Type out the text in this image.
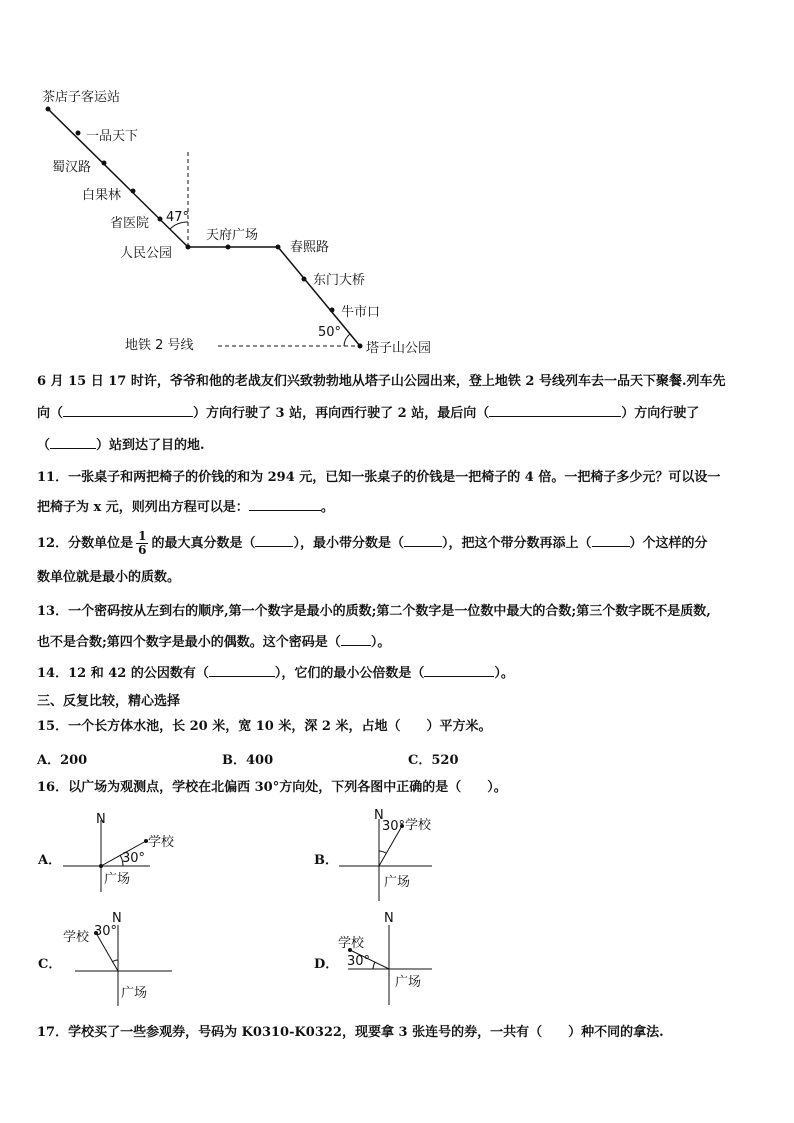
茶店子客运站
一品天下
蜀汉路
白果林
省医院 47°
人民公园
天府广场
春熙路
东门大桥
牛市口
50°
塔子山公园
地铁 2 号线
6 月 15 日 17 时许，爷爷和他的老战友们兴致勃勃地从塔子山公园出来，登上地铁 2 号线列车去一品天下聚餐.列车先
向（	）方向行驶了 3 站，再向西行驶了 2 站，最后向（	）方向行驶了
（	）站到达了目的地.
11．一张桌子和两把椅子的价钱的和为 294 元，已知一张桌子的价钱是一把椅子的 4 倍。一把椅子多少元？可以设一
把椅子为 x 元，则列出方程可以是：	。
12．分数单位是 $\frac{1}{6}$ 的最大真分数是（	），最小带分数是（	），把这个带分数再添上（	）个这样的分
数单位就是最小的质数。
13．一个密码按从左到右的顺序,第一个数字是最小的质数;第二个数字是一位数中最大的合数;第三个数字既不是质数,
也不是合数;第四个数字是最小的偶数。这个密码是（ ）。
14．12 和 42 的公因数有（	），它们的最小公倍数是（	）。
三、反复比较，精心选择
15．一个长方体水池，长 20 米，宽 10 米，深 2 米，占地（　　）平方米。
A．200	B．400	C．520
16．以广场为观测点，学校在北偏西 30°方向处，下列各图中正确的是（　　）。
A．
N
学校
30°
广场
B．
N
30° 学校
广场
C．
N
学校 30°
广场
D．
N
学校
30°
广场
17．学校买了一些参观券，号码为 K0310-K0322，现要拿 3 张连号的券，一共有（　　）种不同的拿法.
